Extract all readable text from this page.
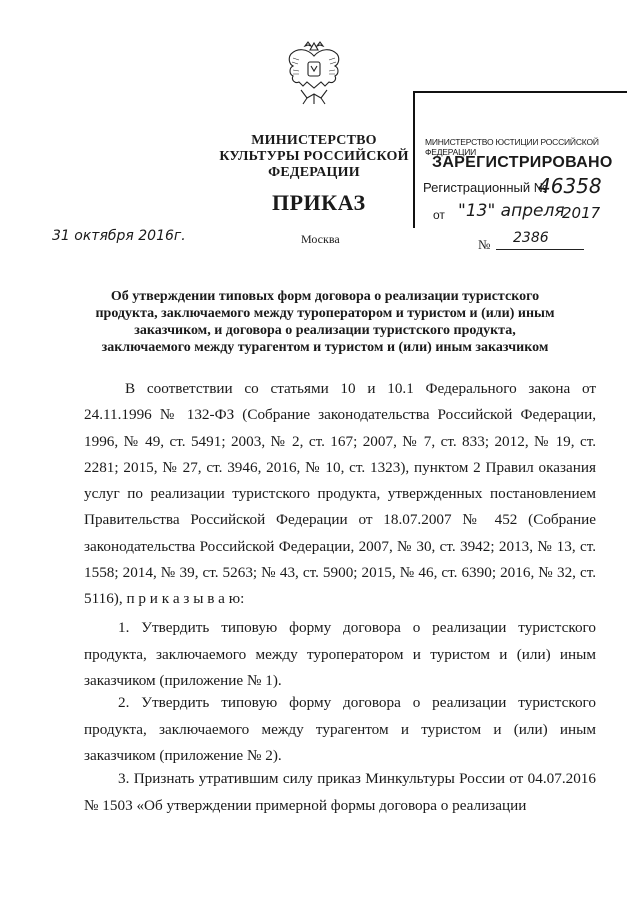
МИНИСТЕРСТВО КУЛЬТУРЫ РОССИЙСКОЙ ФЕДЕРАЦИИ
МИНИСТЕРСТВО ЮСТИЦИИ РОССИЙСКОЙ ФЕДЕРАЦИИ
ЗАРЕГИСТРИРОВАНО
Регистрационный №
46358
от "13" апреля
2017
ПРИКАЗ
31 октября 2016г.	Москва	№ 2386
Об утверждении типовых форм договора о реализации туристского продукта, заключаемого между туроператором и туристом и (или) иным заказчиком, и договора о реализации туристского продукта, заключаемого между турагентом и туристом и (или) иным заказчиком
В соответствии со статьями 10 и 10.1 Федерального закона от 24.11.1996 № 132-ФЗ (Собрание законодательства Российской Федерации, 1996, № 49, ст. 5491; 2003, № 2, ст. 167; 2007, № 7, ст. 833; 2012, № 19, ст. 2281; 2015, № 27, ст. 3946, 2016, № 10, ст. 1323), пунктом 2 Правил оказания услуг по реализации туристского продукта, утвержденных постановлением Правительства Российской Федерации от 18.07.2007 № 452 (Собрание законодательства Российской Федерации, 2007, № 30, ст. 3942; 2013, № 13, ст. 1558; 2014, № 39, ст. 5263; № 43, ст. 5900; 2015, № 46, ст. 6390; 2016, № 32, ст. 5116), п р и к а з ы в а ю:
1. Утвердить типовую форму договора о реализации туристского продукта, заключаемого между туроператором и туристом и (или) иным заказчиком (приложение № 1).
2. Утвердить типовую форму договора о реализации туристского продукта, заключаемого между турагентом и туристом и (или) иным заказчиком (приложение № 2).
3. Признать утратившим силу приказ Минкультуры России от 04.07.2016 № 1503 «Об утверждении примерной формы договора о реализации
